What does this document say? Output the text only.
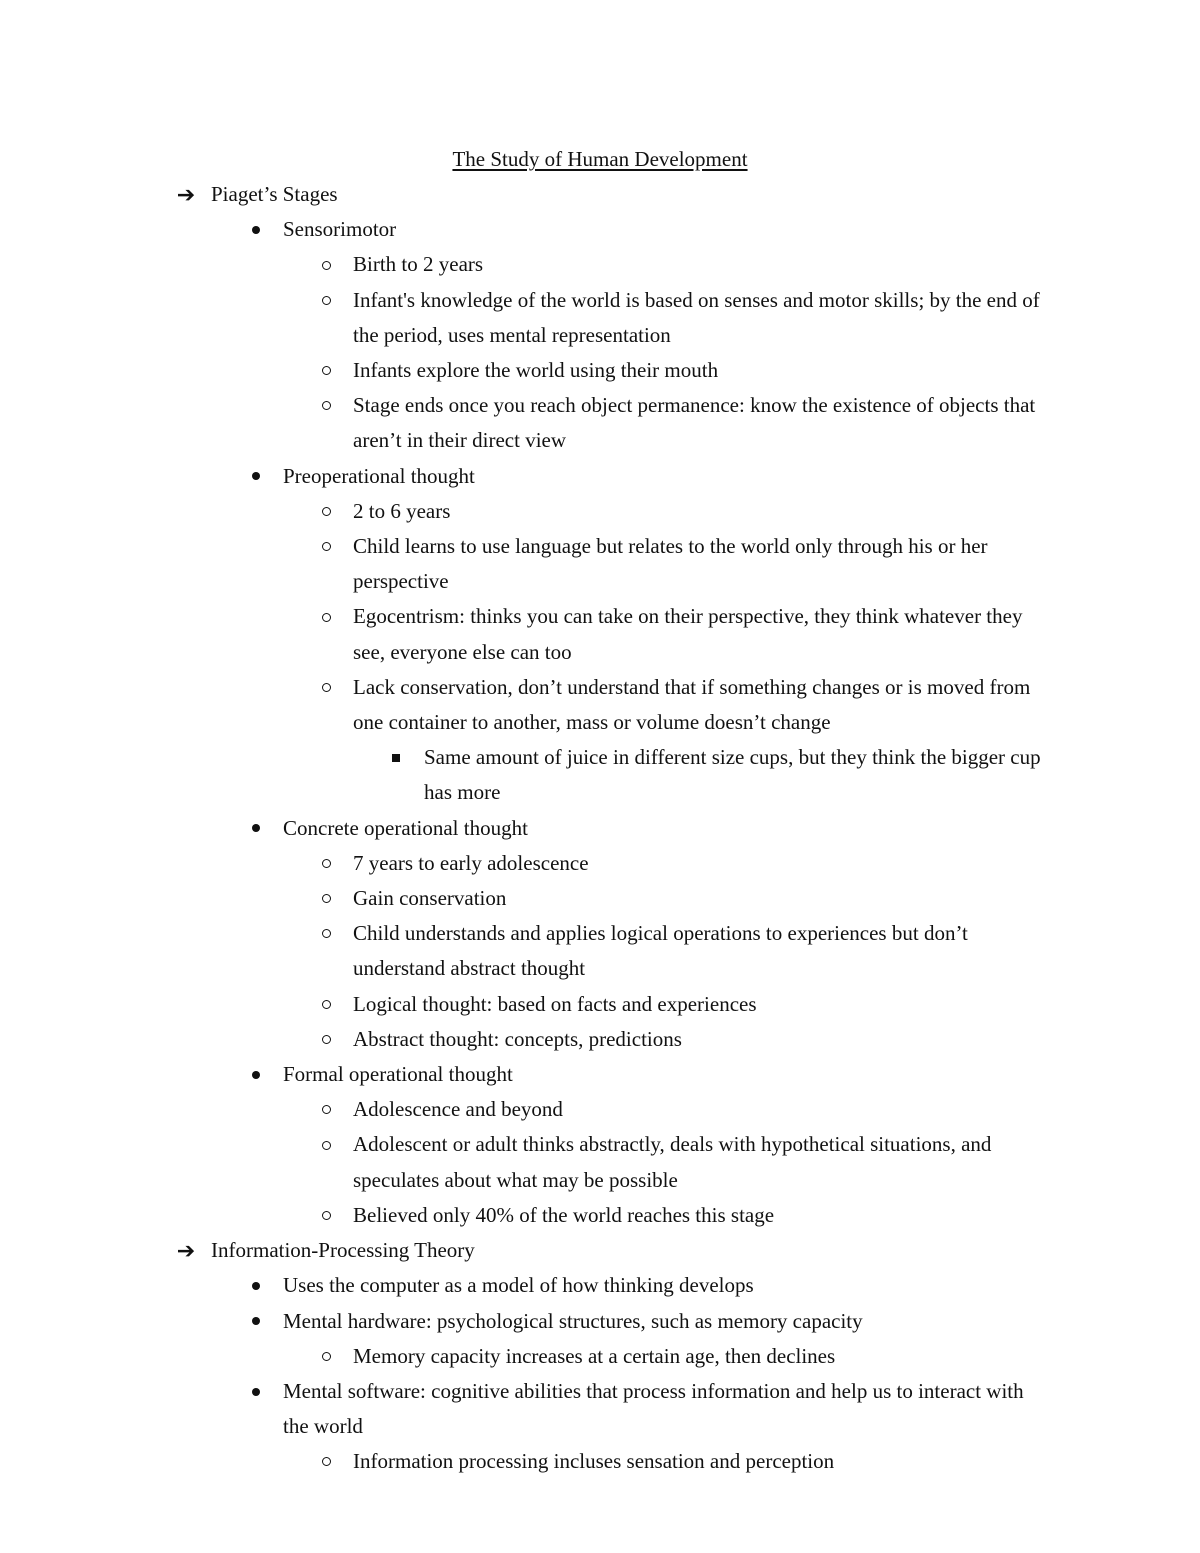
The Study of Human Development
➔ Piaget’s Stages
Sensorimotor
Birth to 2 years
Infant's knowledge of the world is based on senses and motor skills; by the end of the period, uses mental representation
Infants explore the world using their mouth
Stage ends once you reach object permanence: know the existence of objects that aren’t in their direct view
Preoperational thought
2 to 6 years
Child learns to use language but relates to the world only through his or her perspective
Egocentrism: thinks you can take on their perspective, they think whatever they see, everyone else can too
Lack conservation, don’t understand that if something changes or is moved from one container to another, mass or volume doesn’t change
Same amount of juice in different size cups, but they think the bigger cup has more
Concrete operational thought
7 years to early adolescence
Gain conservation
Child understands and applies logical operations to experiences but don’t understand abstract thought
Logical thought: based on facts and experiences
Abstract thought: concepts, predictions
Formal operational thought
Adolescence and beyond
Adolescent or adult thinks abstractly, deals with hypothetical situations, and speculates about what may be possible
Believed only 40% of the world reaches this stage
➔ Information-Processing Theory
Uses the computer as a model of how thinking develops
Mental hardware: psychological structures, such as memory capacity
Memory capacity increases at a certain age, then declines
Mental software: cognitive abilities that process information and help us to interact with the world
Information processing incluses sensation and perception
